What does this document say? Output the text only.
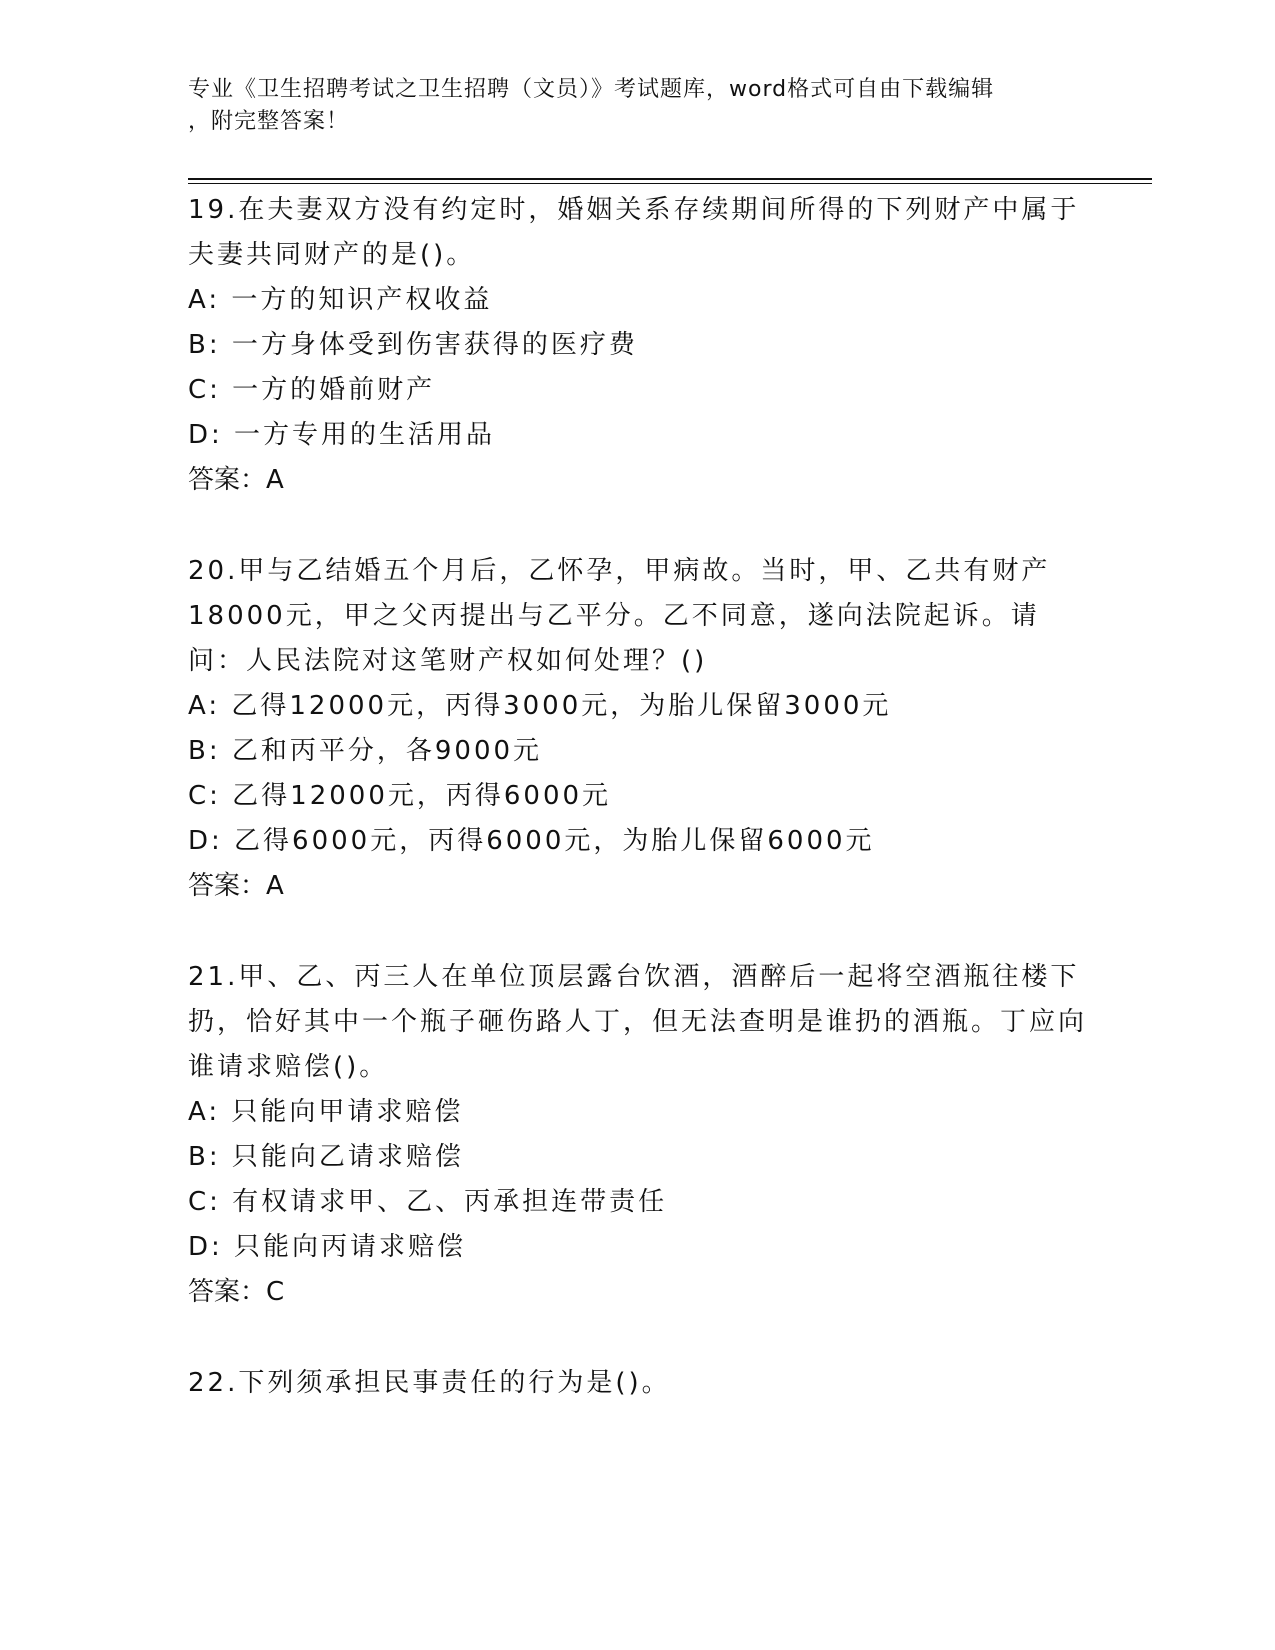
专业《卫生招聘考试之卫生招聘（文员）》考试题库，word格式可自由下载编辑
，附完整答案！

19.在夫妻双方没有约定时，婚姻关系存续期间所得的下列财产中属于夫妻共同财产的是()。

A: 一方的知识产权收益

B: 一方身体受到伤害获得的医疗费

C: 一方的婚前财产

D: 一方专用的生活用品

答案：A

20.甲与乙结婚五个月后，乙怀孕，甲病故。当时，甲、乙共有财产18000元，甲之父丙提出与乙平分。乙不同意，遂向法院起诉。请问：人民法院对这笔财产权如何处理？()

A: 乙得12000元，丙得3000元，为胎儿保留3000元

B: 乙和丙平分，各9000元

C: 乙得12000元，丙得6000元

D: 乙得6000元，丙得6000元，为胎儿保留6000元

答案：A

21.甲、乙、丙三人在单位顶层露台饮酒，酒醉后一起将空酒瓶往楼下扔，恰好其中一个瓶子砸伤路人丁，但无法查明是谁扔的酒瓶。丁应向谁请求赔偿()。

A: 只能向甲请求赔偿

B: 只能向乙请求赔偿

C: 有权请求甲、乙、丙承担连带责任

D: 只能向丙请求赔偿

答案：C

22.下列须承担民事责任的行为是()。
